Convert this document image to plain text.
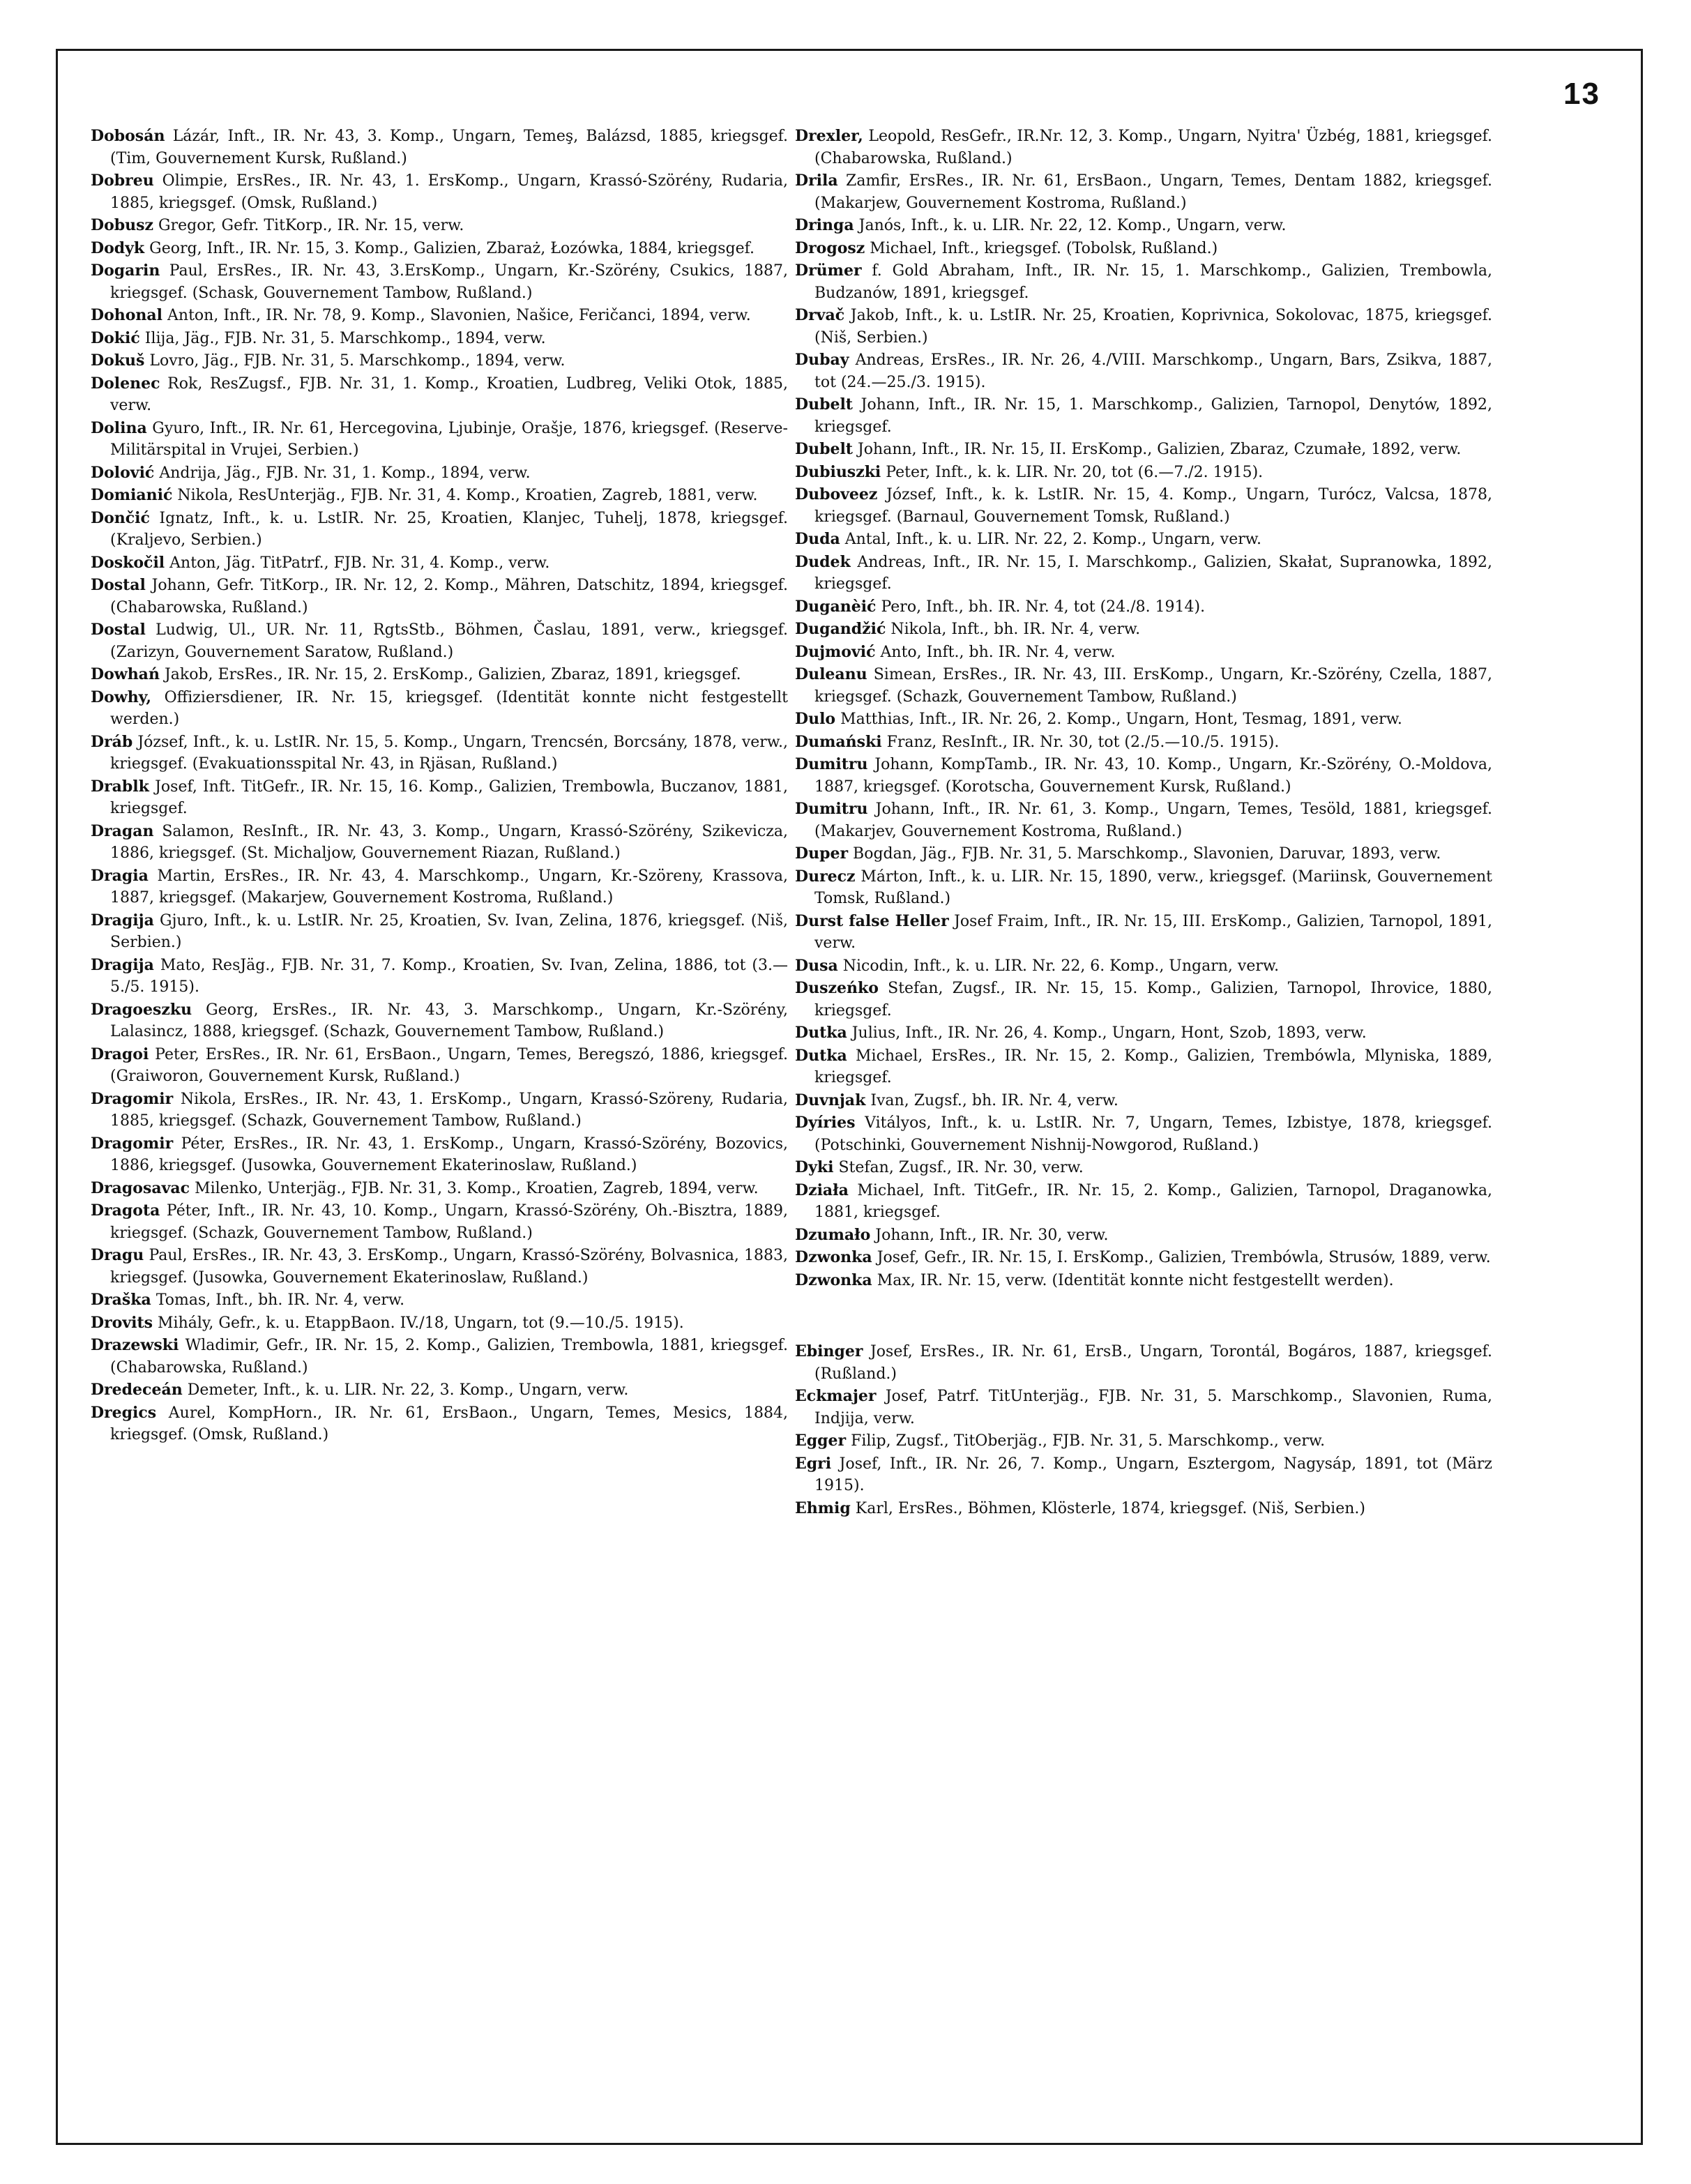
13

Dobosán Lázár, Inft., IR. Nr. 43, 3. Komp., Ungarn, Temeş, Balázsd, 1885, kriegsgef. (Tim, Gouvernement Kursk, Rußland.)

Dobreu Olimpie, ErsRes., IR. Nr. 43, 1. ErsKomp., Ungarn, Krassó-Szörény, Rudaria, 1885, kriegsgef. (Omsk, Rußland.)

Dobusz Gregor, Gefr. TitKorp., IR. Nr. 15, verw.

Dodyk Georg, Inft., IR. Nr. 15, 3. Komp., Galizien, Zbaraż, Łozówka, 1884, kriegsgef.

Dogarin Paul, ErsRes., IR. Nr. 43, 3.ErsKomp., Ungarn, Kr.-Szörény, Csukics, 1887, kriegsgef. (Schask, Gouvernement Tambow, Rußland.)

Dohonal Anton, Inft., IR. Nr. 78, 9. Komp., Slavonien, Našice, Feričanci, 1894, verw.

Dokić Ilija, Jäg., FJB. Nr. 31, 5. Marschkomp., 1894, verw.

Dokuš Lovro, Jäg., FJB. Nr. 31, 5. Marschkomp., 1894, verw.

Dolenec Rok, ResZugsf., FJB. Nr. 31, 1. Komp., Kroatien, Ludbreg, Veliki Otok, 1885, verw.

Dolina Gyuro, Inft., IR. Nr. 61, Hercegovina, Ljubinje, Orašje, 1876, kriegsgef. (Reserve-Militärspital in Vrujei, Serbien.)

Dolović Andrija, Jäg., FJB. Nr. 31, 1. Komp., 1894, verw.

Domianić Nikola, ResUnterjäg., FJB. Nr. 31, 4. Komp., Kroatien, Zagreb, 1881, verw.

Dončić Ignatz, Inft., k. u. LstIR. Nr. 25, Kroatien, Klanjec, Tuhelj, 1878, kriegsgef. (Kraljevo, Serbien.)

Doskočil Anton, Jäg. TitPatrf., FJB. Nr. 31, 4. Komp., verw.

Dostal Johann, Gefr. TitKorp., IR. Nr. 12, 2. Komp., Mähren, Datschitz, 1894, kriegsgef. (Chabarowska, Rußland.)

Dostal Ludwig, Ul., UR. Nr. 11, RgtsStb., Böhmen, Časlau, 1891, verw., kriegsgef. (Zarizyn, Gouvernement Saratow, Rußland.)

Dowhań Jakob, ErsRes., IR. Nr. 15, 2. ErsKomp., Galizien, Zbaraz, 1891, kriegsgef.

Dowhy, Offiziersdiener, IR. Nr. 15, kriegsgef. (Identität konnte nicht festgestellt werden.)

Dráb József, Inft., k. u. LstIR. Nr. 15, 5. Komp., Ungarn, Trencsén, Borcsány, 1878, verw., kriegsgef. (Evakuationsspital Nr. 43, in Rjäsan, Rußland.)

Drablk Josef, Inft. TitGefr., IR. Nr. 15, 16. Komp., Galizien, Trembowla, Buczanov, 1881, kriegsgef.

Dragan Salamon, ResInft., IR. Nr. 43, 3. Komp., Ungarn, Krassó-Szörény, Szikevicza, 1886, kriegsgef. (St. Michaljow, Gouvernement Riazan, Rußland.)

Dragia Martin, ErsRes., IR. Nr. 43, 4. Marschkomp., Ungarn, Kr.-Szöreny, Krassova, 1887, kriegsgef. (Makarjew, Gouvernement Kostroma, Rußland.)

Dragija Gjuro, Inft., k. u. LstIR. Nr. 25, Kroatien, Sv. Ivan, Zelina, 1876, kriegsgef. (Niš, Serbien.)

Dragija Mato, ResJäg., FJB. Nr. 31, 7. Komp., Kroatien, Sv. Ivan, Zelina, 1886, tot (3.—5./5. 1915).

Dragoeszku Georg, ErsRes., IR. Nr. 43, 3. Marschkomp., Ungarn, Kr.-Szörény, Lalasincz, 1888, kriegsgef. (Schazk, Gouvernement Tambow, Rußland.)

Dragoi Peter, ErsRes., IR. Nr. 61, ErsBaon., Ungarn, Temes, Beregszó, 1886, kriegsgef. (Graiworon, Gouvernement Kursk, Rußland.)

Dragomir Nikola, ErsRes., IR. Nr. 43, 1. ErsKomp., Ungarn, Krassó-Szöreny, Rudaria, 1885, kriegsgef. (Schazk, Gouvernement Tambow, Rußland.)

Dragomir Péter, ErsRes., IR. Nr. 43, 1. ErsKomp., Ungarn, Krassó-Szörény, Bozovics, 1886, kriegsgef. (Jusowka, Gouvernement Ekaterinoslaw, Rußland.)

Dragosavac Milenko, Unterjäg., FJB. Nr. 31, 3. Komp., Kroatien, Zagreb, 1894, verw.

Dragota Péter, Inft., IR. Nr. 43, 10. Komp., Ungarn, Krassó-Szörény, Oh.-Bisztra, 1889, kriegsgef. (Schazk, Gouvernement Tambow, Rußland.)

Dragu Paul, ErsRes., IR. Nr. 43, 3. ErsKomp., Ungarn, Krassó-Szörény, Bolvasnica, 1883, kriegsgef. (Jusowka, Gouvernement Ekaterinoslaw, Rußland.)

Draška Tomas, Inft., bh. IR. Nr. 4, verw.

Drovits Mihály, Gefr., k. u. EtappBaon. IV./18, Ungarn, tot (9.—10./5. 1915).

Drazewski Wladimir, Gefr., IR. Nr. 15, 2. Komp., Galizien, Trembowla, 1881, kriegsgef. (Chabarowska, Rußland.)

Dredeceán Demeter, Inft., k. u. LIR. Nr. 22, 3. Komp., Ungarn, verw.

Dregics Aurel, KompHorn., IR. Nr. 61, ErsBaon., Ungarn, Temes, Mesics, 1884, kriegsgef. (Omsk, Rußland.)

Drexler, Leopold, ResGefr., IR.Nr. 12, 3. Komp., Ungarn, Nyitra' Üzbég, 1881, kriegsgef. (Chabarowska, Rußland.)

Drila Zamfir, ErsRes., IR. Nr. 61, ErsBaon., Ungarn, Temes, Dentam 1882, kriegsgef. (Makarjew, Gouvernement Kostroma, Rußland.)

Dringa Janós, Inft., k. u. LIR. Nr. 22, 12. Komp., Ungarn, verw.

Drogosz Michael, Inft., kriegsgef. (Tobolsk, Rußland.)

Drümer f. Gold Abraham, Inft., IR. Nr. 15, 1. Marschkomp., Galizien, Trembowla, Budzanów, 1891, kriegsgef.

Drvač Jakob, Inft., k. u. LstIR. Nr. 25, Kroatien, Koprivnica, Sokolovac, 1875, kriegsgef. (Niš, Serbien.)

Dubay Andreas, ErsRes., IR. Nr. 26, 4./VIII. Marschkomp., Ungarn, Bars, Zsikva, 1887, tot (24.—25./3. 1915).

Dubelt Johann, Inft., IR. Nr. 15, 1. Marschkomp., Galizien, Tarnopol, Denytów, 1892, kriegsgef.

Dubelt Johann, Inft., IR. Nr. 15, II. ErsKomp., Galizien, Zbaraz, Czumałe, 1892, verw.

Dubiuszki Peter, Inft., k. k. LIR. Nr. 20, tot (6.—7./2. 1915).

Duboveez József, Inft., k. k. LstIR. Nr. 15, 4. Komp., Ungarn, Turócz, Valcsa, 1878, kriegsgef. (Barnaul, Gouvernement Tomsk, Rußland.)

Duda Antal, Inft., k. u. LIR. Nr. 22, 2. Komp., Ungarn, verw.

Dudek Andreas, Inft., IR. Nr. 15, I. Marschkomp., Galizien, Skałat, Supranowka, 1892, kriegsgef.

Duganèić Pero, Inft., bh. IR. Nr. 4, tot (24./8. 1914).

Dugandžić Nikola, Inft., bh. IR. Nr. 4, verw.

Dujmović Anto, Inft., bh. IR. Nr. 4, verw.

Duleanu Simean, ErsRes., IR. Nr. 43, III. ErsKomp., Ungarn, Kr.-Szörény, Czella, 1887, kriegsgef. (Schazk, Gouvernement Tambow, Rußland.)

Dulo Matthias, Inft., IR. Nr. 26, 2. Komp., Ungarn, Hont, Tesmag, 1891, verw.

Dumański Franz, ResInft., IR. Nr. 30, tot (2./5.—10./5. 1915).

Dumitru Johann, KompTamb., IR. Nr. 43, 10. Komp., Ungarn, Kr.-Szörény, O.-Moldova, 1887, kriegsgef. (Korotscha, Gouvernement Kursk, Rußland.)

Dumitru Johann, Inft., IR. Nr. 61, 3. Komp., Ungarn, Temes, Tesöld, 1881, kriegsgef. (Makarjev, Gouvernement Kostroma, Rußland.)

Duper Bogdan, Jäg., FJB. Nr. 31, 5. Marschkomp., Slavonien, Daruvar, 1893, verw.

Durecz Márton, Inft., k. u. LIR. Nr. 15, 1890, verw., kriegsgef. (Mariinsk, Gouvernement Tomsk, Rußland.)

Durst false Heller Josef Fraim, Inft., IR. Nr. 15, III. ErsKomp., Galizien, Tarnopol, 1891, verw.

Dusa Nicodin, Inft., k. u. LIR. Nr. 22, 6. Komp., Ungarn, verw.

Duszeńko Stefan, Zugsf., IR. Nr. 15, 15. Komp., Galizien, Tarnopol, Ihrovice, 1880, kriegsgef.

Dutka Julius, Inft., IR. Nr. 26, 4. Komp., Ungarn, Hont, Szob, 1893, verw.

Dutka Michael, ErsRes., IR. Nr. 15, 2. Komp., Galizien, Trembówla, Mlyniska, 1889, kriegsgef.

Duvnjak Ivan, Zugsf., bh. IR. Nr. 4, verw.

Dyíries Vitályos, Inft., k. u. LstIR. Nr. 7, Ungarn, Temes, Izbistye, 1878, kriegsgef. (Potschinki, Gouvernement Nishnij-Nowgorod, Rußland.)

Dyki Stefan, Zugsf., IR. Nr. 30, verw.

Działa Michael, Inft. TitGefr., IR. Nr. 15, 2. Komp., Galizien, Tarnopol, Draganowka, 1881, kriegsgef.

Dzumało Johann, Inft., IR. Nr. 30, verw.

Dzwonka Josef, Gefr., IR. Nr. 15, I. ErsKomp., Galizien, Trembówla, Strusów, 1889, verw.

Dzwonka Max, IR. Nr. 15, verw. (Identität konnte nicht festgestellt werden).

Ebinger Josef, ErsRes., IR. Nr. 61, ErsB., Ungarn, Torontál, Bogáros, 1887, kriegsgef. (Rußland.)

Eckmajer Josef, Patrf. TitUnterjäg., FJB. Nr. 31, 5. Marschkomp., Slavonien, Ruma, Indjija, verw.

Egger Filip, Zugsf., TitOberjäg., FJB. Nr. 31, 5. Marschkomp., verw.

Egri Josef, Inft., IR. Nr. 26, 7. Komp., Ungarn, Esztergom, Nagysáp, 1891, tot (März 1915).

Ehmig Karl, ErsRes., Böhmen, Klösterle, 1874, kriegsgef. (Niš, Serbien.)
